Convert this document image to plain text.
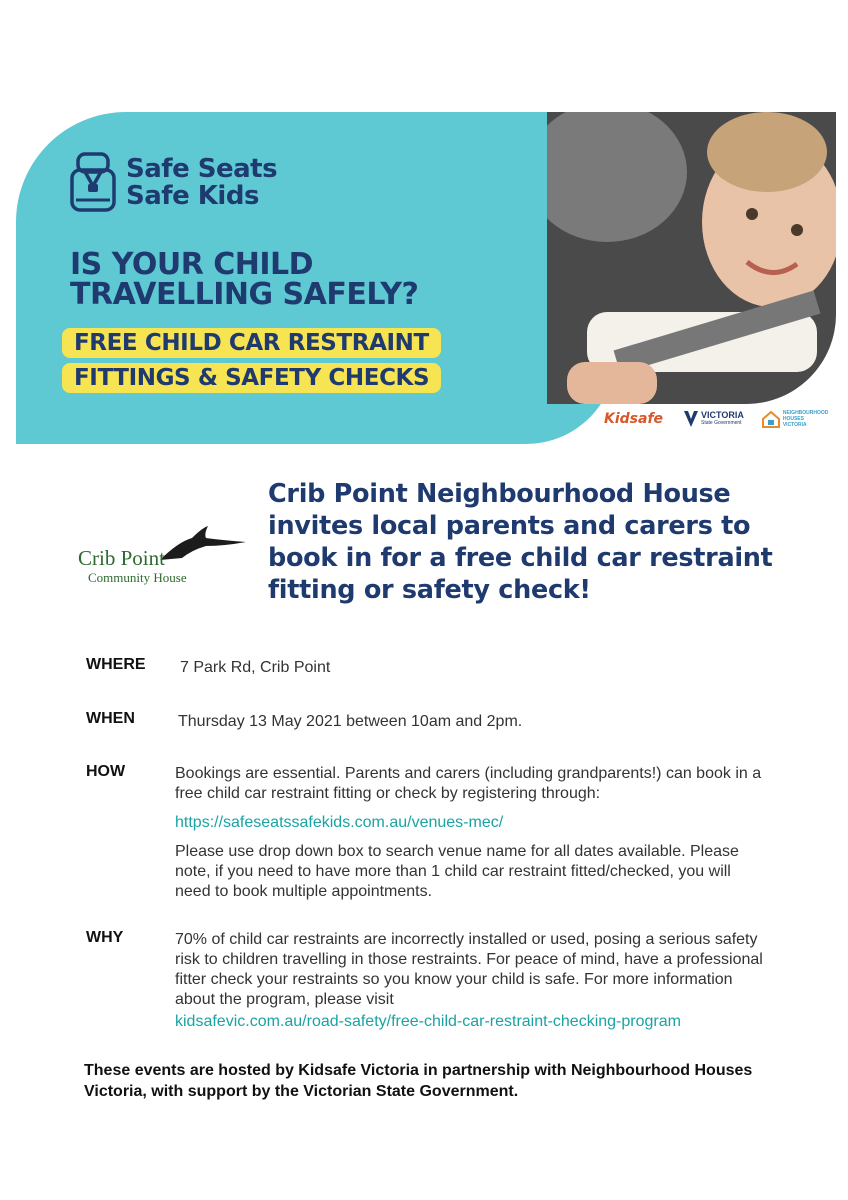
Safe Seats
Safe Kids
IS YOUR CHILD
TRAVELLING SAFELY?
FREE CHILD CAR RESTRAINT
FITTINGS & SAFETY CHECKS
Kidsafe	VICTORIA
State Government
NEIGHBOURHOOD HOUSES VICTORIA
Crib Point
Community House
Crib Point Neighbourhood House invites local parents and carers to book in for a free child car restraint fitting or safety check!
WHERE 7 Park Rd, Crib Point
WHEN	Thursday 13 May 2021 between 10am and 2pm.
HOW	Bookings are essential. Parents and carers (including grandparents!) can book in a free child car restraint fitting or check by registering through:
https://safeseatssafekids.com.au/venues-mec/
Please use drop down box to search venue name for all dates available. Please note, if you need to have more than 1 child car restraint fitted/checked, you will need to book multiple appointments.
WHY	70% of child car restraints are incorrectly installed or used, posing a serious safety risk to children travelling in those restraints. For peace of mind, have a professional fitter check your restraints so you know your child is safe. For more information about the program, please visit
kidsafevic.com.au/road-safety/free-child-car-restraint-checking-program
These events are hosted by Kidsafe Victoria in partnership with Neighbourhood Houses Victoria, with support by the Victorian State Government.
